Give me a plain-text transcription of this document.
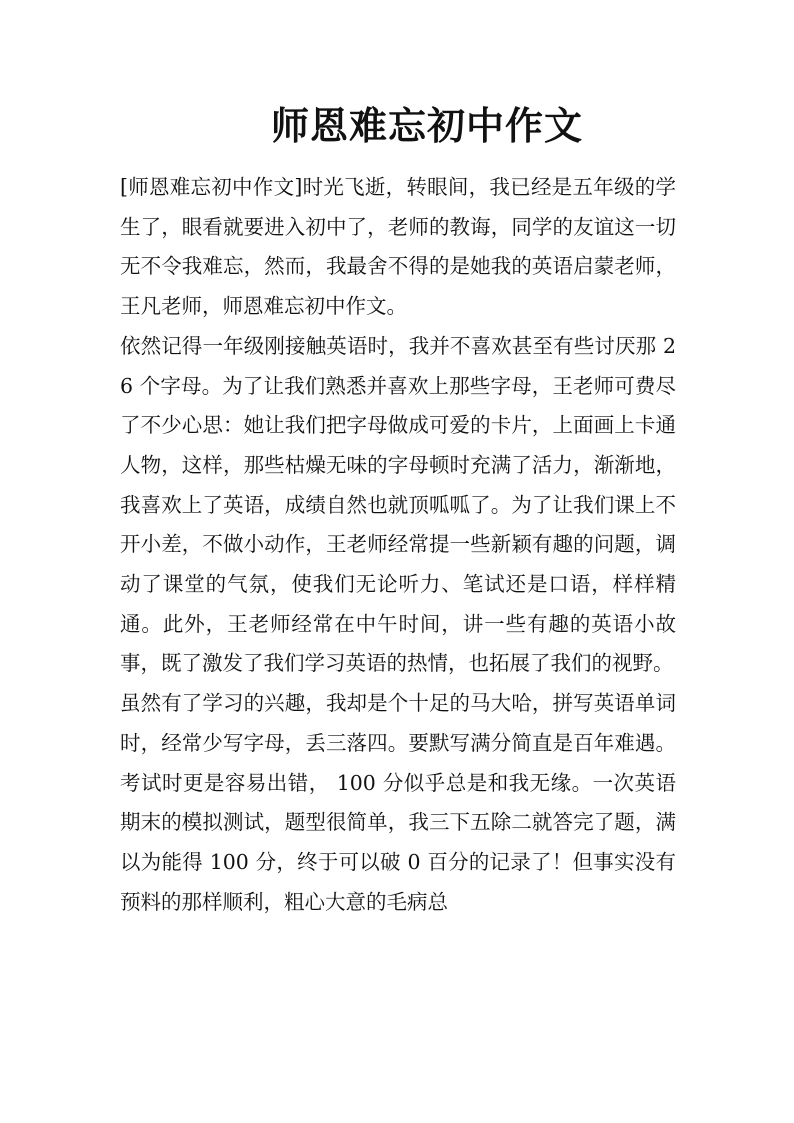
师恩难忘初中作文

[师恩难忘初中作文]时光飞逝，转眼间，我已经是五年级的学生了，眼看就要进入初中了，老师的教诲，同学的友谊这一切无不令我难忘，然而，我最舍不得的是她我的英语启蒙老师，王凡老师，师恩难忘初中作文。

依然记得一年级刚接触英语时，我并不喜欢甚至有些讨厌那 26 个字母。为了让我们熟悉并喜欢上那些字母，王老师可费尽了不少心思：她让我们把字母做成可爱的卡片，上面画上卡通人物，这样，那些枯燥无味的字母顿时充满了活力，渐渐地，我喜欢上了英语，成绩自然也就顶呱呱了。为了让我们课上不开小差，不做小动作，王老师经常提一些新颖有趣的问题，调动了课堂的气氛，使我们无论听力、笔试还是口语，样样精通。此外，王老师经常在中午时间，讲一些有趣的英语小故事，既了激发了我们学习英语的热情，也拓展了我们的视野。

虽然有了学习的兴趣，我却是个十足的马大哈，拼写英语单词时，经常少写字母，丢三落四。要默写满分简直是百年难遇。考试时更是容易出错， 100 分似乎总是和我无缘。一次英语期末的模拟测试，题型很简单，我三下五除二就答完了题，满以为能得 100 分，终于可以破 0 百分的记录了！但事实没有预料的那样顺利，粗心大意的毛病总
